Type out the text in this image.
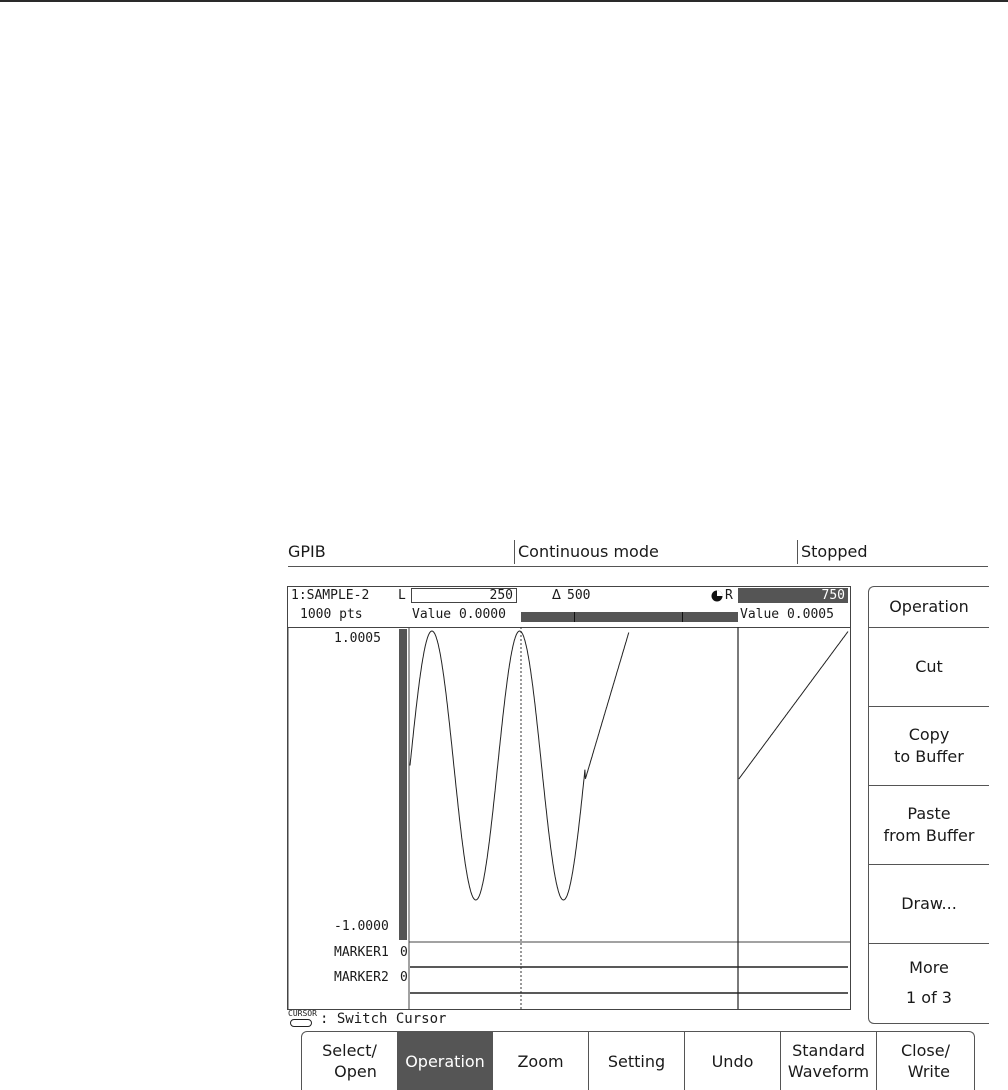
GPIB	Continuous mode	Stopped
1:SAMPLE-2 L	250	Δ 500	R	750
1000 pts	Value 0.0000	Value 0.0005
1.0005
-1.0000
MARKER1 0
MARKER2 0
Operation
Cut
Copy
to Buffer
Paste
from Buffer
Draw...
More
1 of 3
CURSOR : Switch Cursor
Select/
Open
Operation Zoom	Setting	Undo
Standard
Waveform
Close/
Write
